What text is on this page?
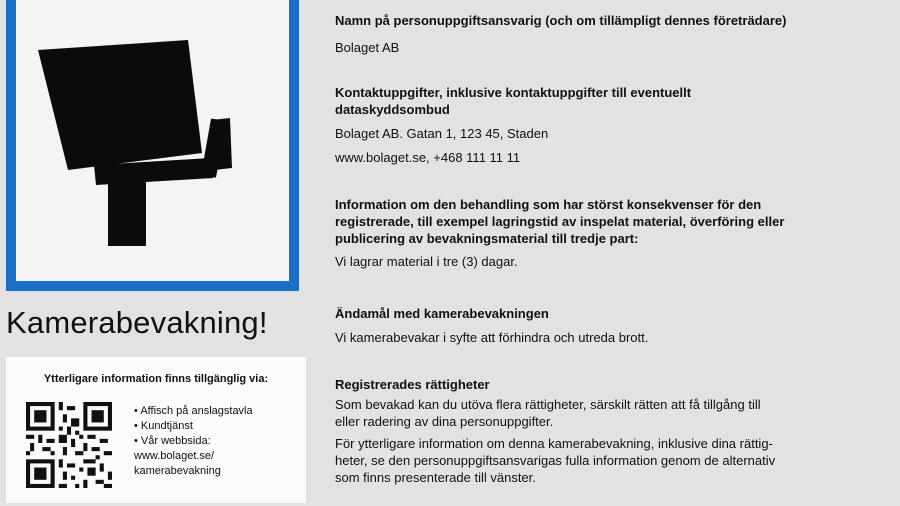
Kamerabevakning!
Ytterligare information finns tillgänglig via:
• Affisch på anslagstavla
• Kundtjänst
• Vår webbsida:
www.bolaget.se/
kamerabevakning
Namn på personuppgiftsansvarig (och om tillämpligt dennes företrädare)
Bolaget AB
Kontaktuppgifter, inklusive kontaktuppgifter till eventuellt
dataskyddsombud
Bolaget AB. Gatan 1, 123 45, Staden
www.bolaget.se, +468 111 11 11
Information om den behandling som har störst konsekvenser för den
registrerade, till exempel lagringstid av inspelat material, överföring eller
publicering av bevakningsmaterial till tredje part:
Vi lagrar material i tre (3) dagar.
Ändamål med kamerabevakningen
Vi kamerabevakar i syfte att förhindra och utreda brott.
Registrerades rättigheter
Som bevakad kan du utöva flera rättigheter, särskilt rätten att få tillgång till
eller radering av dina personuppgifter.
För ytterligare information om denna kamerabevakning, inklusive dina rättig-
heter, se den personuppgiftsansvarigas fulla information genom de alternativ
som finns presenterade till vänster.
